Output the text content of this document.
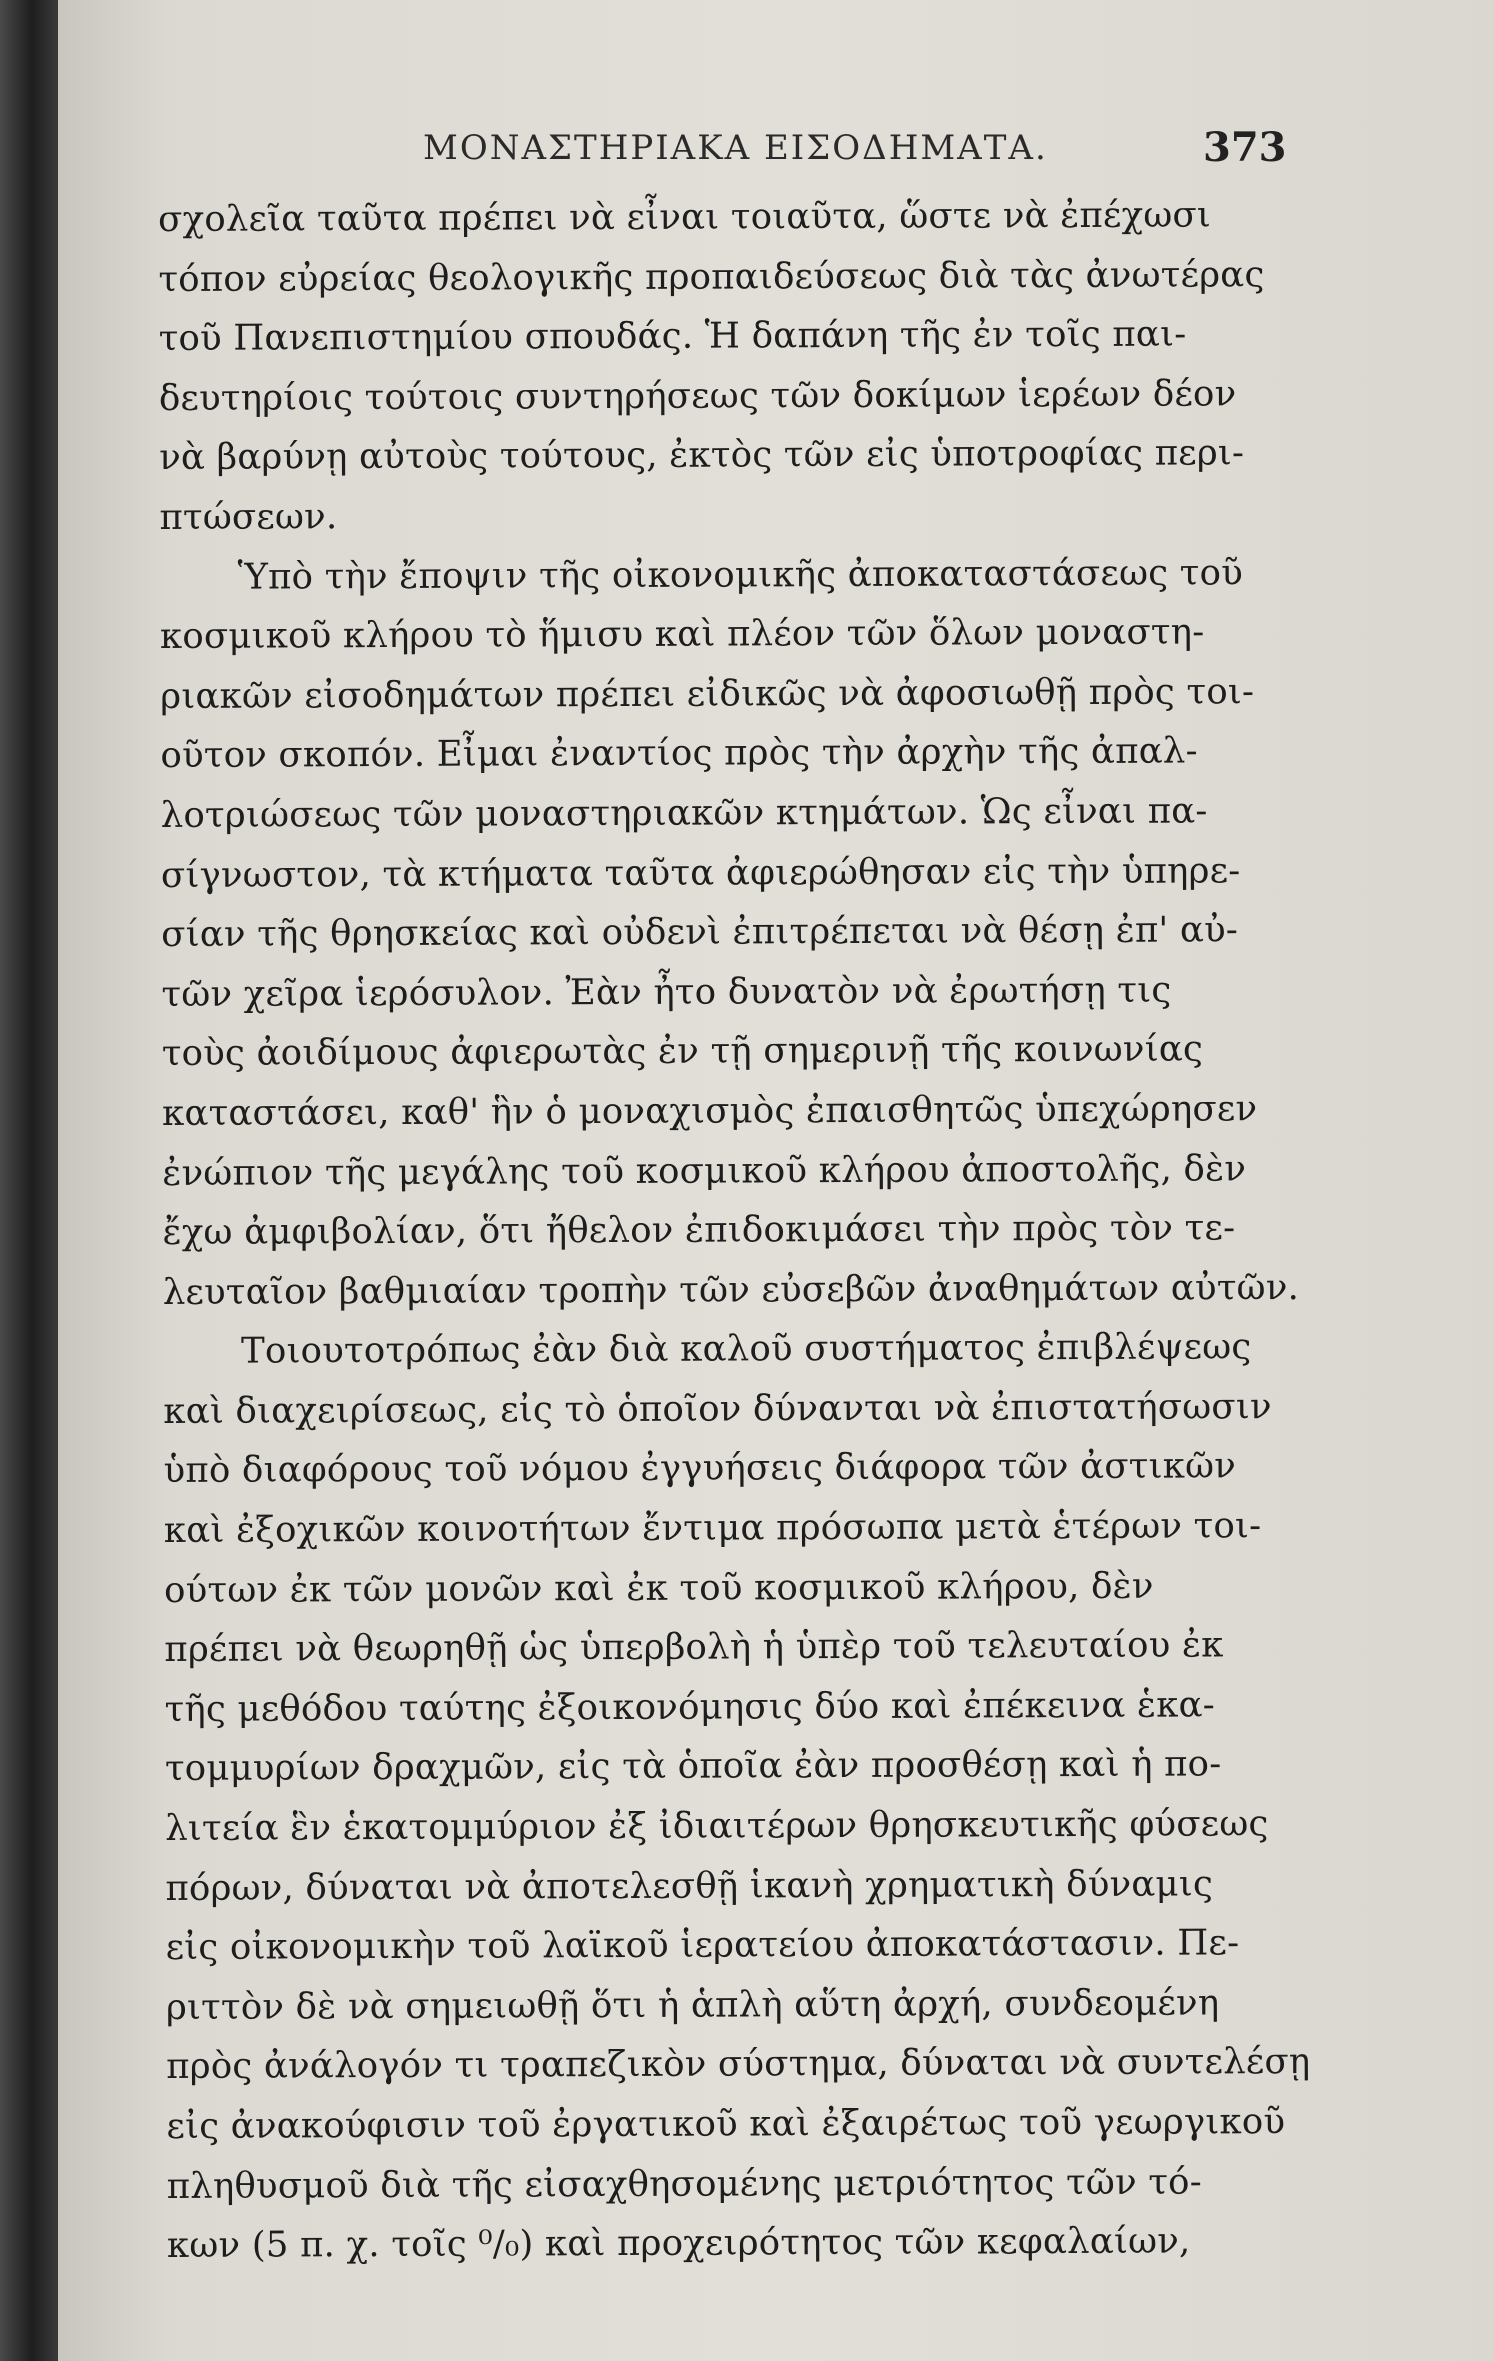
ΜΟΝΑΣΤΗΡΙΑΚΑ ΕΙΣΟΔΗΜΑΤΑ.	373
σχολεῖα ταῦτα πρέπει νὰ εἶναι τοιαῦτα, ὥστε νὰ ἐπέχωσι
τόπον εὐρείας θεολογικῆς προπαιδεύσεως διὰ τὰς ἀνωτέρας
τοῦ Πανεπιστημίου σπουδάς. Ἡ δαπάνη τῆς ἐν τοῖς παι-
δευτηρίοις τούτοις συντηρήσεως τῶν δοκίμων ἱερέων δέον
νὰ βαρύνῃ αὐτοὺς τούτους, ἐκτὸς τῶν εἰς ὑποτροφίας περι-
πτώσεων.
Ὑπὸ τὴν ἔποψιν τῆς οἰκονομικῆς ἀποκαταστάσεως τοῦ
κοσμικοῦ κλήρου τὸ ἥμισυ καὶ πλέον τῶν ὅλων μοναστη-
ριακῶν εἰσοδημάτων πρέπει εἰδικῶς νὰ ἀφοσιωθῇ πρὸς τοι-
οῦτον σκοπόν. Εἶμαι ἐναντίος πρὸς τὴν ἀρχὴν τῆς ἀπαλ-
λοτριώσεως τῶν μοναστηριακῶν κτημάτων. Ὡς εἶναι πα-
σίγνωστον, τὰ κτήματα ταῦτα ἀφιερώθησαν εἰς τὴν ὑπηρε-
σίαν τῆς θρησκείας καὶ οὐδενὶ ἐπιτρέπεται νὰ θέσῃ ἐπ' αὐ-
τῶν χεῖρα ἱερόσυλον. Ἐὰν ἦτο δυνατὸν νὰ ἐρωτήσῃ τις
τοὺς ἀοιδίμους ἀφιερωτὰς ἐν τῇ σημερινῇ τῆς κοινωνίας
καταστάσει, καθ' ἣν ὁ μοναχισμὸς ἐπαισθητῶς ὑπεχώρησεν
ἐνώπιον τῆς μεγάλης τοῦ κοσμικοῦ κλήρου ἀποστολῆς, δὲν
ἔχω ἀμφιβολίαν, ὅτι ἤθελον ἐπιδοκιμάσει τὴν πρὸς τὸν τε-
λευταῖον βαθμιαίαν τροπὴν τῶν εὐσεβῶν ἀναθημάτων αὐτῶν.
Τοιουτοτρόπως ἐὰν διὰ καλοῦ συστήματος ἐπιβλέψεως
καὶ διαχειρίσεως, εἰς τὸ ὁποῖον δύνανται νὰ ἐπιστατήσωσιν
ὑπὸ διαφόρους τοῦ νόμου ἐγγυήσεις διάφορα τῶν ἀστικῶν
καὶ ἐξοχικῶν κοινοτήτων ἔντιμα πρόσωπα μετὰ ἑτέρων τοι-
ούτων ἐκ τῶν μονῶν καὶ ἐκ τοῦ κοσμικοῦ κλήρου, δὲν
πρέπει νὰ θεωρηθῇ ὡς ὑπερβολὴ ἡ ὑπὲρ τοῦ τελευταίου ἐκ
τῆς μεθόδου ταύτης ἐξοικονόμησις δύο καὶ ἐπέκεινα ἑκα-
τομμυρίων δραχμῶν, εἰς τὰ ὁποῖα ἐὰν προσθέσῃ καὶ ἡ πο-
λιτεία ἓν ἑκατομμύριον ἐξ ἰδιαιτέρων θρησκευτικῆς φύσεως
πόρων, δύναται νὰ ἀποτελεσθῇ ἱκανὴ χρηματικὴ δύναμις
εἰς οἰκονομικὴν τοῦ λαϊκοῦ ἱερατείου ἀποκατάστασιν. Πε-
ριττὸν δὲ νὰ σημειωθῇ ὅτι ἡ ἁπλὴ αὕτη ἀρχή, συνδεομένη
πρὸς ἀνάλογόν τι τραπεζικὸν σύστημα, δύναται νὰ συντελέσῃ
εἰς ἀνακούφισιν τοῦ ἐργατικοῦ καὶ ἐξαιρέτως τοῦ γεωργικοῦ
πληθυσμοῦ διὰ τῆς εἰσαχθησομένης μετριότητος τῶν τό-
κων (5 π. χ. τοῖς ⁰/₀) καὶ προχειρότητος τῶν κεφαλαίων,
